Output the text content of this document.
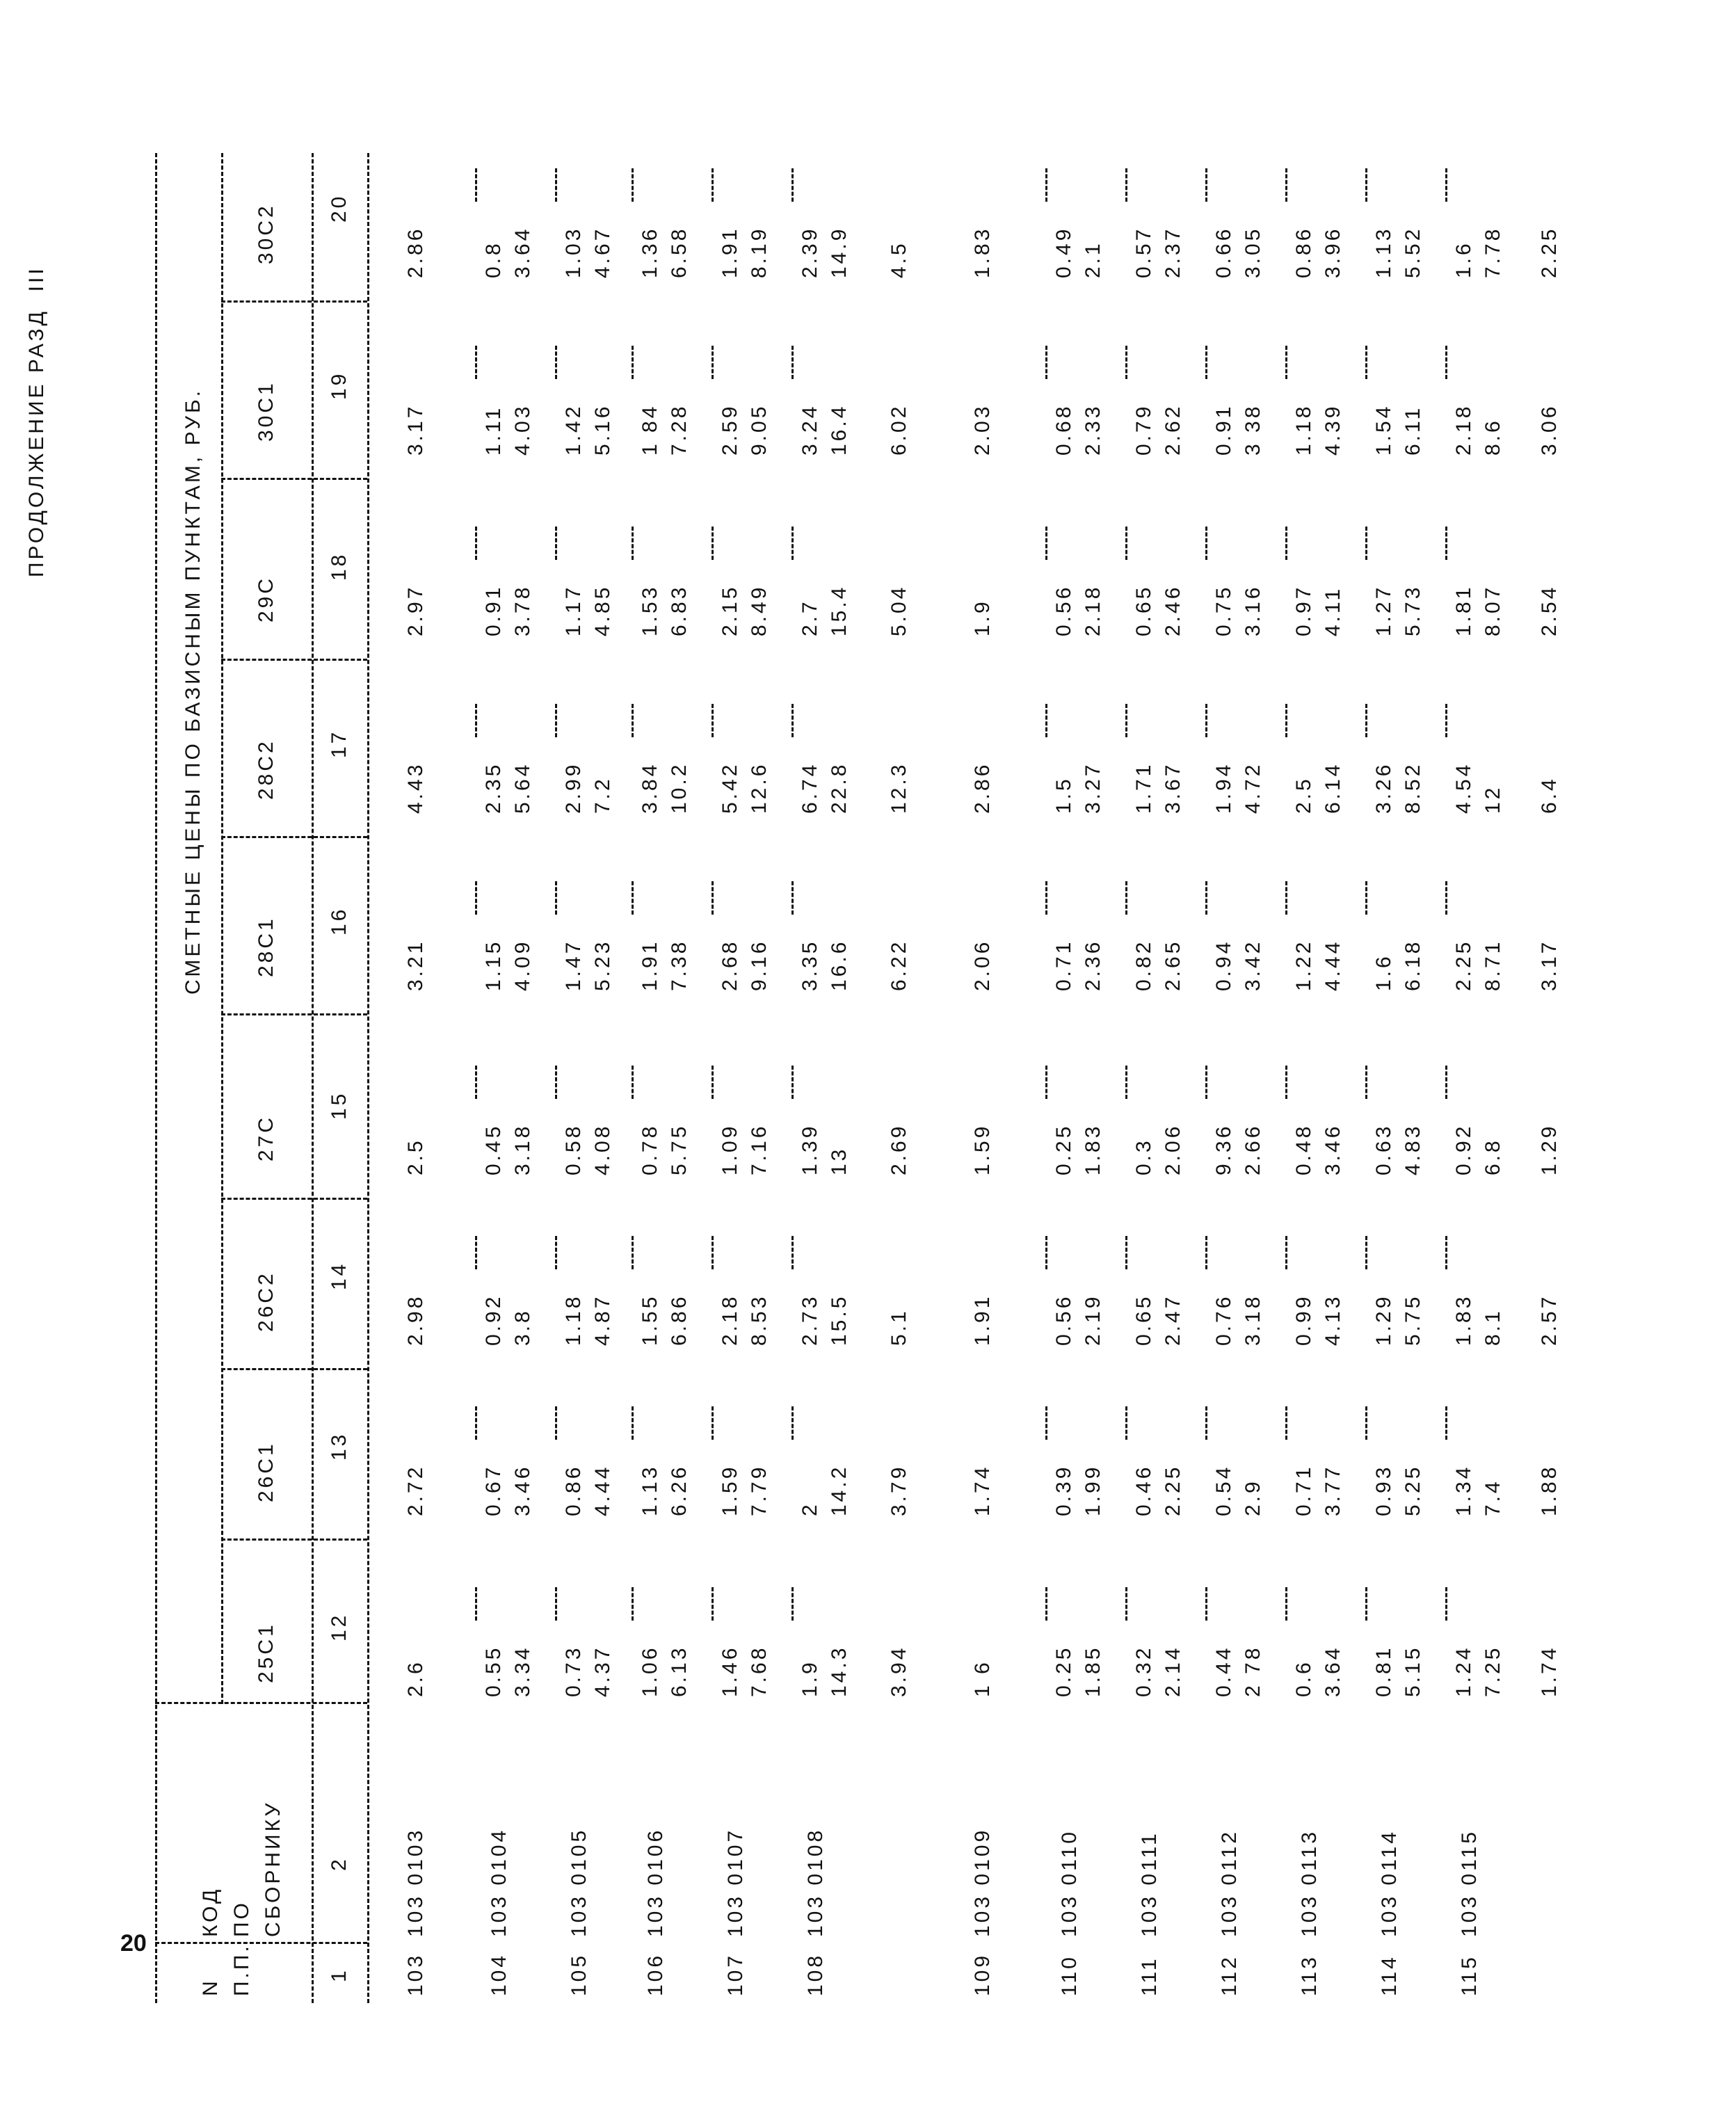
20
ПРОДОЛЖЕНИЕ РАЗД  III	СМЕТНЫЕ ЦЕНЫ ПО БАЗИСНЫМ ПУНКТАМ, РУБ.
N П.П.
КОД ПО СБОРНИКУ
25С1
26С1
26С2
27С
28С1
28С2
29С
30С1
30С2
1
2
12
13
14
15
16
17
18
19
20
103
103 0103
2.6
2.72
2.98
2.5
3.21
4.43
2.97
3.17
2.86
104
103 0104
0.55 3.34
0.67 3.46
0.92 3.8
0.45 3.18
1.15 4.09
2.35 5.64
0.91 3.78
1.11 4.03
0.8 3.64
105
103 0105
0.73 4.37
0.86 4.44
1.18 4.87
0.58 4.08
1.47 5.23
2.99 7.2
1.17 4.85
1.42 5.16
1.03 4.67
106
103 0106
1.06 6.13
1.13 6.26
1.55 6.86
0.78 5.75
1.91 7.38
3.84 10.2
1.53 6.83
1 84 7.28
1.36 6.58
107
103 0107
1.46 7.68
1.59 7.79
2.18 8.53
1.09 7.16
2.68 9.16
5.42 12.6
2.15 8.49
2.59 9.05
1.91 8.19
108
103 0108
1.9 14.3
2 14.2
2.73 15.5
1.39 13
3.35 16.6
6.74 22.8
2.7 15.4
3.24 16.4
2.39 14.9
3.94
3.79
5.1
2.69
6.22
12.3
5.04
6.02
4.5
109
103 0109
1 6
1.74
1.91
1.59
2.06
2.86
1.9
2.03
1.83
110
103 0110
0.25 1.85
0.39 1.99
0.56 2.19
0.25 1.83
0.71 2.36
1.5 3.27
0.56 2.18
0.68 2.33
0.49 2.1
111
103 0111
0.32 2.14
0.46 2.25
0.65 2.47
0.3 2.06
0.82 2.65
1.71 3.67
0.65 2.46
0.79 2.62
0.57 2.37
112
103 0112
0.44 2 78
0.54 2.9
0.76 3.18
9.36 2.66
0.94 3.42
1.94 4.72
0.75 3.16
0.91 3 38
0.66 3.05
113
103 0113
0.6 3.64
0.71 3.77
0.99 4.13
0.48 3.46
1.22 4.44
2.5 6.14
0.97 4.11
1.18 4.39
0.86 3.96
114
103 0114
0.81 5.15
0.93 5.25
1.29 5.75
0.63 4.83
1.6 6.18
3.26 8.52
1.27 5.73
1.54 6.11
1.13 5.52
115
103 0115
1.24 7.25
1.34 7.4
1.83 8.1
0.92 6.8
2.25 8.71
4.54 12
1.81 8.07
2.18 8.6
1.6 7.78
1.74
1.88
2.57
1.29
3.17
6.4
2.54
3.06
2.25
